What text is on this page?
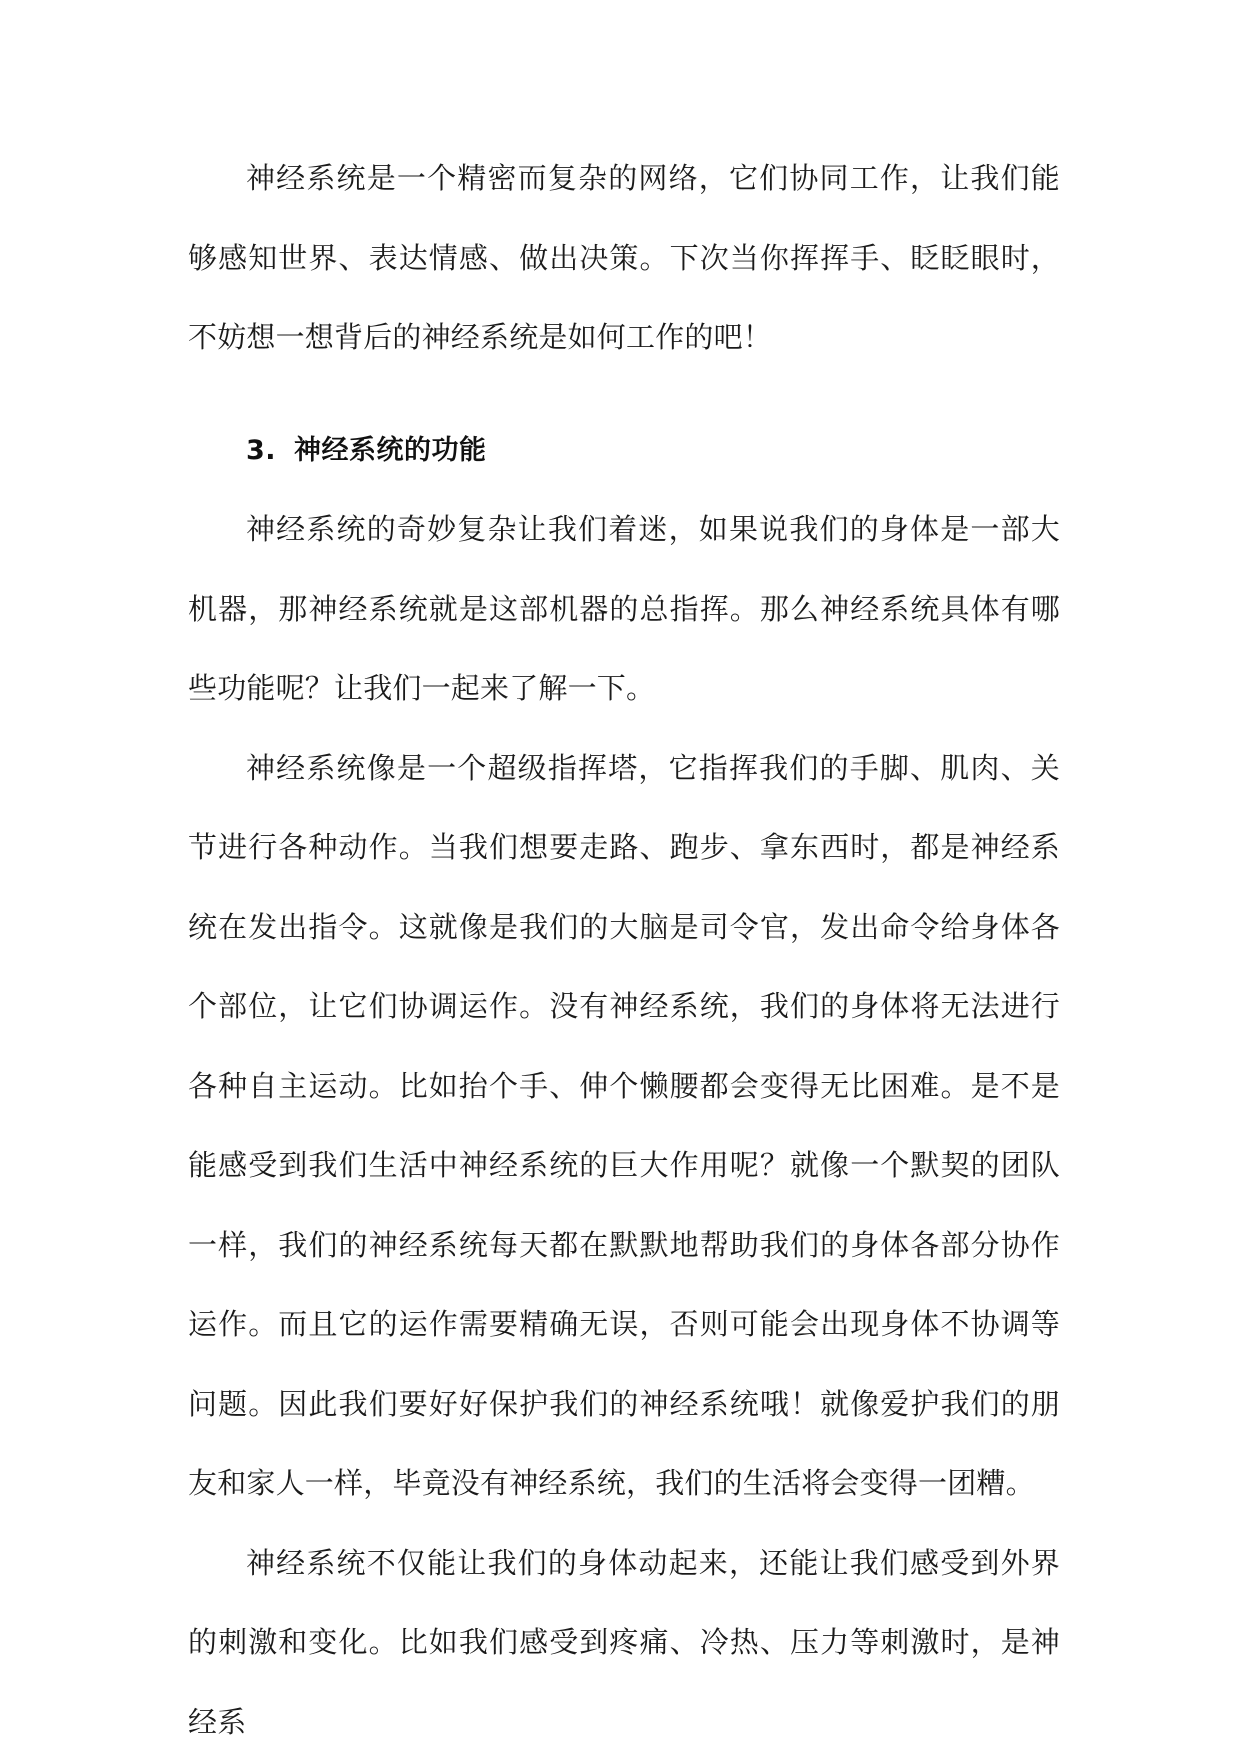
神经系统是一个精密而复杂的网络，它们协同工作，让我们能够感知世界、表达情感、做出决策。下次当你挥挥手、眨眨眼时，不妨想一想背后的神经系统是如何工作的吧！

3. 神经系统的功能

神经系统的奇妙复杂让我们着迷，如果说我们的身体是一部大机器，那神经系统就是这部机器的总指挥。那么神经系统具体有哪些功能呢？让我们一起来了解一下。

神经系统像是一个超级指挥塔，它指挥我们的手脚、肌肉、关节进行各种动作。当我们想要走路、跑步、拿东西时，都是神经系统在发出指令。这就像是我们的大脑是司令官，发出命令给身体各个部位，让它们协调运作。没有神经系统，我们的身体将无法进行各种自主运动。比如抬个手、伸个懒腰都会变得无比困难。是不是能感受到我们生活中神经系统的巨大作用呢？就像一个默契的团队一样，我们的神经系统每天都在默默地帮助我们的身体各部分协作运作。而且它的运作需要精确无误，否则可能会出现身体不协调等问题。因此我们要好好保护我们的神经系统哦！就像爱护我们的朋友和家人一样，毕竟没有神经系统，我们的生活将会变得一团糟。

神经系统不仅能让我们的身体动起来，还能让我们感受到外界的刺激和变化。比如我们感受到疼痛、冷热、压力等刺激时，是神经系
